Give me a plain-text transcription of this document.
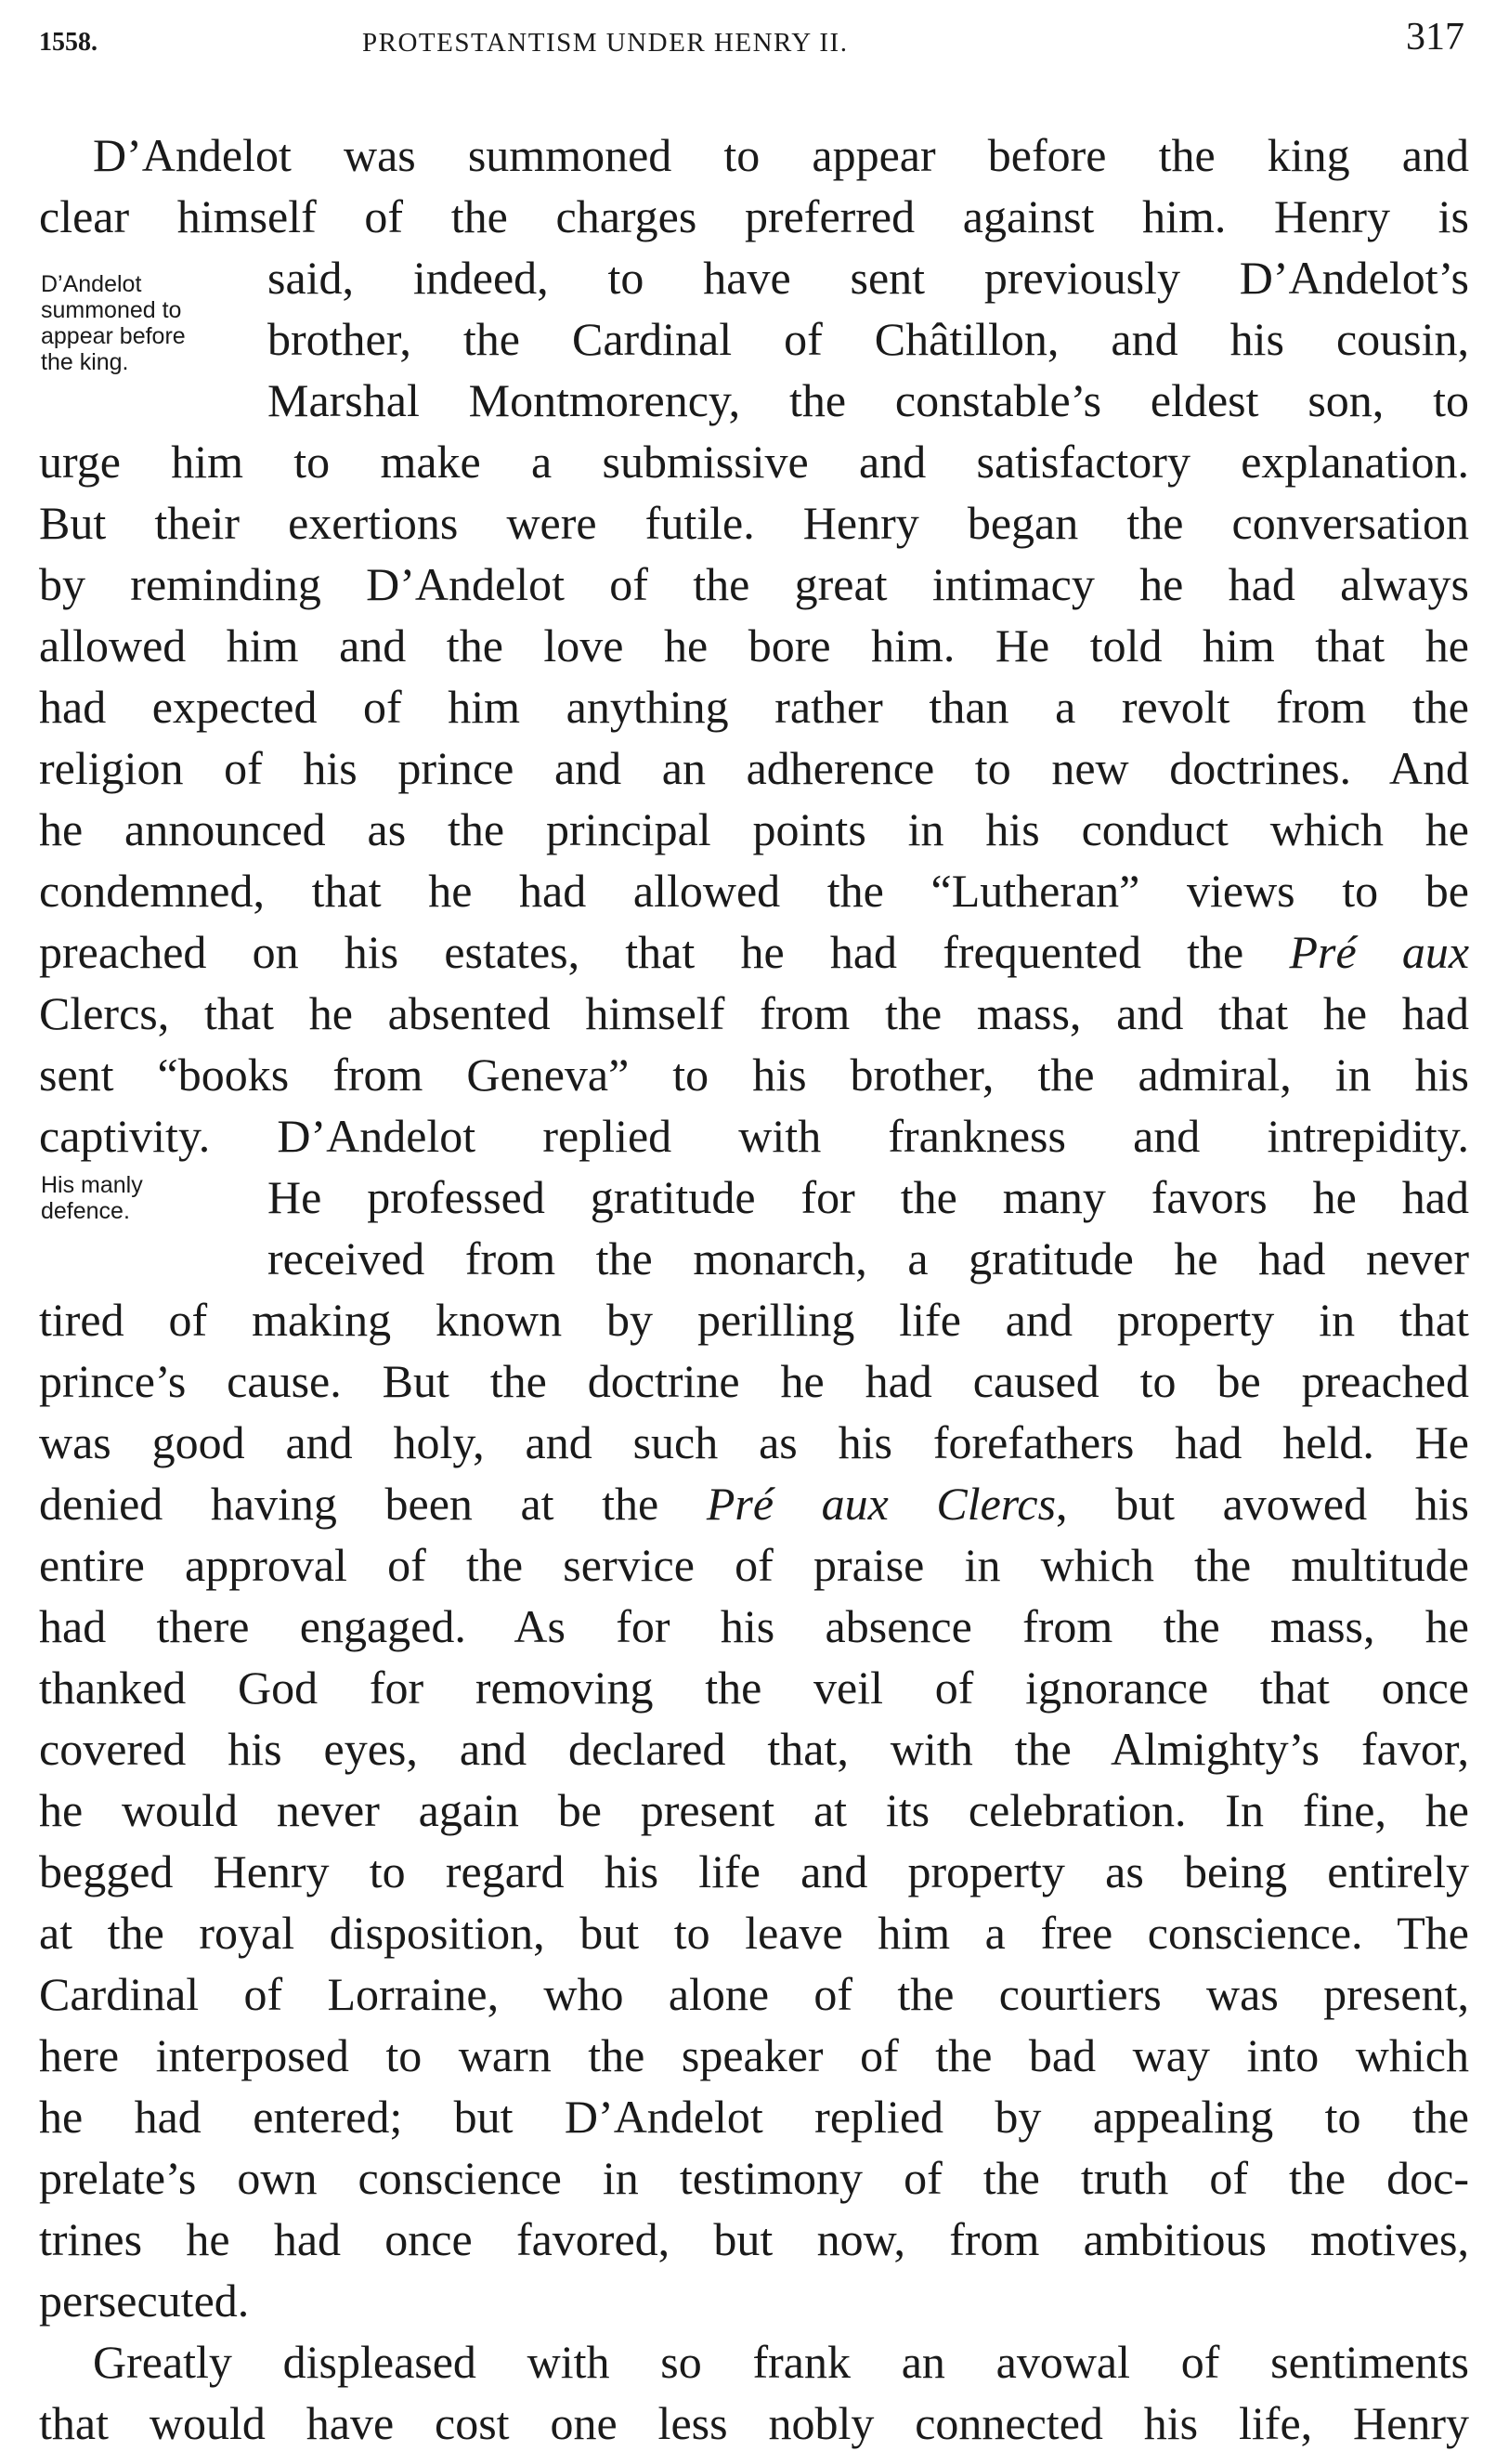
1558.	PROTESTANTISM UNDER HENRY II.	317
D’Andelot
summoned to
appear before
the king.
His manly
defence.
D’Andelot was summoned to appear before the king and
clear himself of the charges preferred against him. Henry is
said, indeed, to have sent previously D’Andelot’s
brother, the Cardinal of Châtillon, and his cousin,
Marshal Montmorency, the constable’s eldest son, to
urge him to make a submissive and satisfactory explanation.
But their exertions were futile. Henry began the conversation
by reminding D’Andelot of the great intimacy he had always
allowed him and the love he bore him. He told him that he
had expected of him anything rather than a revolt from the
religion of his prince and an adherence to new doctrines. And
he announced as the principal points in his conduct which he
condemned, that he had allowed the “Lutheran” views to be
preached on his estates, that he had frequented the Pré aux
Clercs, that he absented himself from the mass, and that he had
sent “books from Geneva” to his brother, the admiral, in his
captivity. D’Andelot replied with frankness and intrepidity.
He professed gratitude for the many favors he had
received from the monarch, a gratitude he had never
tired of making known by perilling life and property in that
prince’s cause. But the doctrine he had caused to be preached
was good and holy, and such as his forefathers had held. He
denied having been at the Pré aux Clercs, but avowed his
entire approval of the service of praise in which the multitude
had there engaged. As for his absence from the mass, he
thanked God for removing the veil of ignorance that once
covered his eyes, and declared that, with the Almighty’s favor,
he would never again be present at its celebration. In fine, he
begged Henry to regard his life and property as being entirely
at the royal disposition, but to leave him a free conscience. The
Cardinal of Lorraine, who alone of the courtiers was present,
here interposed to warn the speaker of the bad way into which
he had entered; but D’Andelot replied by appealing to the
prelate’s own conscience in testimony of the truth of the doc-
trines he had once favored, but now, from ambitious motives,
persecuted.
Greatly displeased with so frank an avowal of sentiments
that would have cost one less nobly connected his life, Henry
